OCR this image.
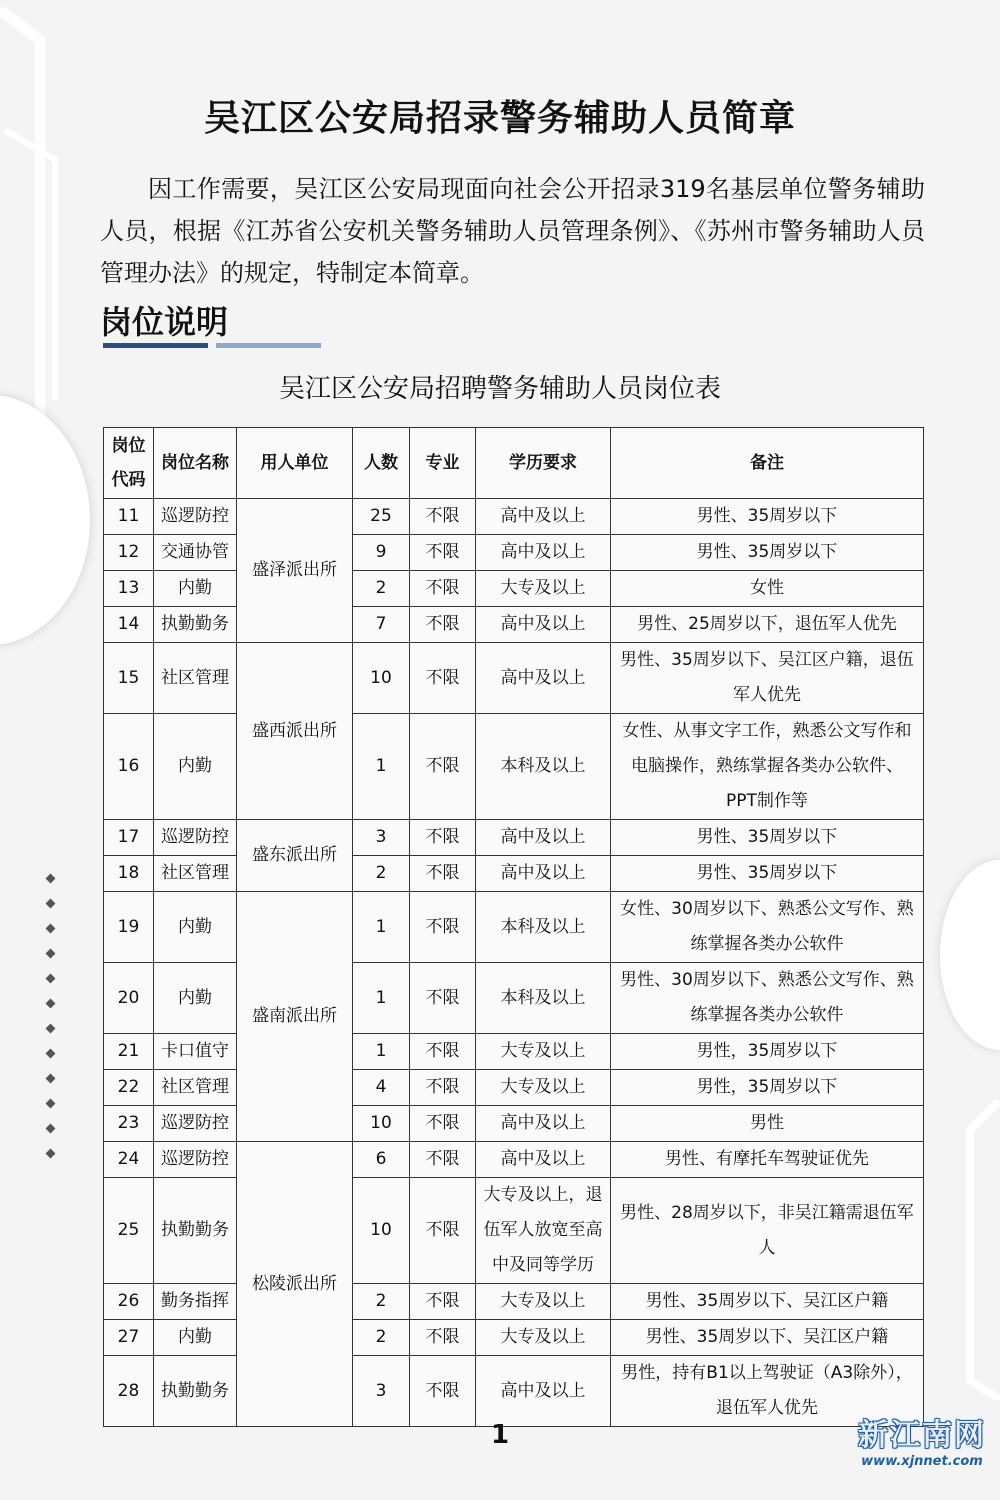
吴江区公安局招录警务辅助人员简章
因工作需要，吴江区公安局现面向社会公开招录319名基层单位警务辅助人员，根据《江苏省公安机关警务辅助人员管理条例》、《苏州市警务辅助人员管理办法》的规定，特制定本简章。
岗位说明
吴江区公安局招聘警务辅助人员岗位表
岗位代码	岗位名称	用人单位	人数	专业	学历要求	备注
11	巡逻防控	盛泽派出所	25	不限	高中及以上	男性、35周岁以下
12	交通协管		9	不限	高中及以上	男性、35周岁以下
13	内勤		2	不限	大专及以上	女性
14	执勤勤务		7	不限	高中及以上	男性、25周岁以下，退伍军人优先
15	社区管理	盛西派出所	10	不限	高中及以上	男性、35周岁以下、吴江区户籍，退伍军人优先
16	内勤		1	不限	本科及以上	女性、从事文字工作，熟悉公文写作和电脑操作，熟练掌握各类办公软件、PPT制作等
17	巡逻防控	盛东派出所	3	不限	高中及以上	男性、35周岁以下
18	社区管理		2	不限	高中及以上	男性、35周岁以下
19	内勤	盛南派出所	1	不限	本科及以上	女性、30周岁以下、熟悉公文写作、熟练掌握各类办公软件
20	内勤		1	不限	本科及以上	男性、30周岁以下、熟悉公文写作、熟练掌握各类办公软件
21	卡口值守		1	不限	大专及以上	男性，35周岁以下
22	社区管理		4	不限	大专及以上	男性，35周岁以下
23	巡逻防控		10	不限	高中及以上	男性
24	巡逻防控	松陵派出所	6	不限	高中及以上	男性、有摩托车驾驶证优先
25	执勤勤务		10	不限	大专及以上，退伍军人放宽至高中及同等学历	男性、28周岁以下，非吴江籍需退伍军人
26	勤务指挥		2	不限	大专及以上	男性、35周岁以下、吴江区户籍
27	内勤		2	不限	大专及以上	男性、35周岁以下、吴江区户籍
28	执勤勤务		3	不限	高中及以上	男性，持有B1以上驾驶证（A3除外），退伍军人优先
1	新江南网
www.xjnnet.com
